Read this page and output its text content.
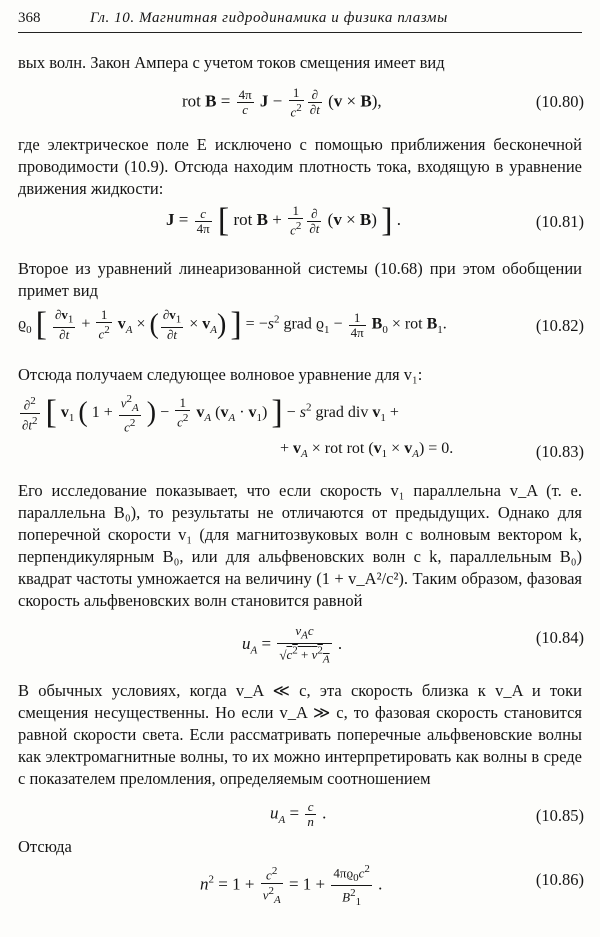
368	Гл. 10. Магнитная гидродинамика и физика плазмы

вых волн. Закон Ампера с учетом токов смещения имеет вид

rot $B = \frac{4\pi}{c}$ $J - \frac{1}{c^2} \frac{\partial}{\partial t} (v \times B)$,	(10.80)

где электрическое поле E исключено с помощью приближения бесконечной проводимости (10.9). Отсюда находим плотность тока, входящую в уравнение движения жидкости:

$J = \frac{c}{4\pi}$ [ rot $B + \frac{1}{c^2} \frac{\partial}{\partial t} (v \times B)$ ] .	(10.81)

Второе из уравнений линеаризованной системы (10.68) при этом обобщении примет вид

$ϱ_0$ [ $\frac{\partial v_1}{\partial t} + \frac{1}{c^2} v_A$ × ( $\frac{\partial v_1}{\partial t} \times v_A$) ] = $-s^2$ grad $ϱ_1 - \frac{1}{4\pi} B_0$ × rot $B_1$.	(10.82)

Отсюда получаем следующее волновое уравнение для v₁:

$\frac{\partial^2}{\partial t^2}$ [ $v_1$ ( $1 + \frac{v^2_A}{c^2}$ ) − $\frac{1}{c^2} v_A$ $(v_A \cdot v_1)$ ] − $s^2$ grad div $v_1$ +
+ $v_A$ × rot rot $(v_1 \times v_A) = 0$.	(10.83)

Его исследование показывает, что если скорость v₁ параллельна v_A (т. е. параллельна B₀), то результаты не отличаются от предыдущих. Однако для поперечной скорости v₁ (для магнитозвуковых волн с волновым вектором k, перпендикулярным B₀, или для альфвеновских волн с k, параллельным B₀) квадрат частоты умножается на величину (1 + v_A²/c²). Таким образом, фазовая скорость альфвеновских волн становится равной

$u_A = \frac{v_Ac}{√c^2 + v^2_A}$ .	(10.84)

В обычных условиях, когда v_A ≪ c, эта скорость близка к v_A и токи смещения несущественны. Но если v_A ≫ c, то фазовая скорость становится равной скорости света. Если рассматривать поперечные альфвеновские волны как электромагнитные волны, то их можно интерпретировать как волны в среде с показателем преломления, определяемым соотношением

$u_A = \frac{c}{n}$ .	(10.85)

Отсюда

$n^2 = 1 + \frac{c^2}{v^2_A} = 1 + \frac{4\pi ϱ_0c^2}{B^2_1}$ .	(10.86)
